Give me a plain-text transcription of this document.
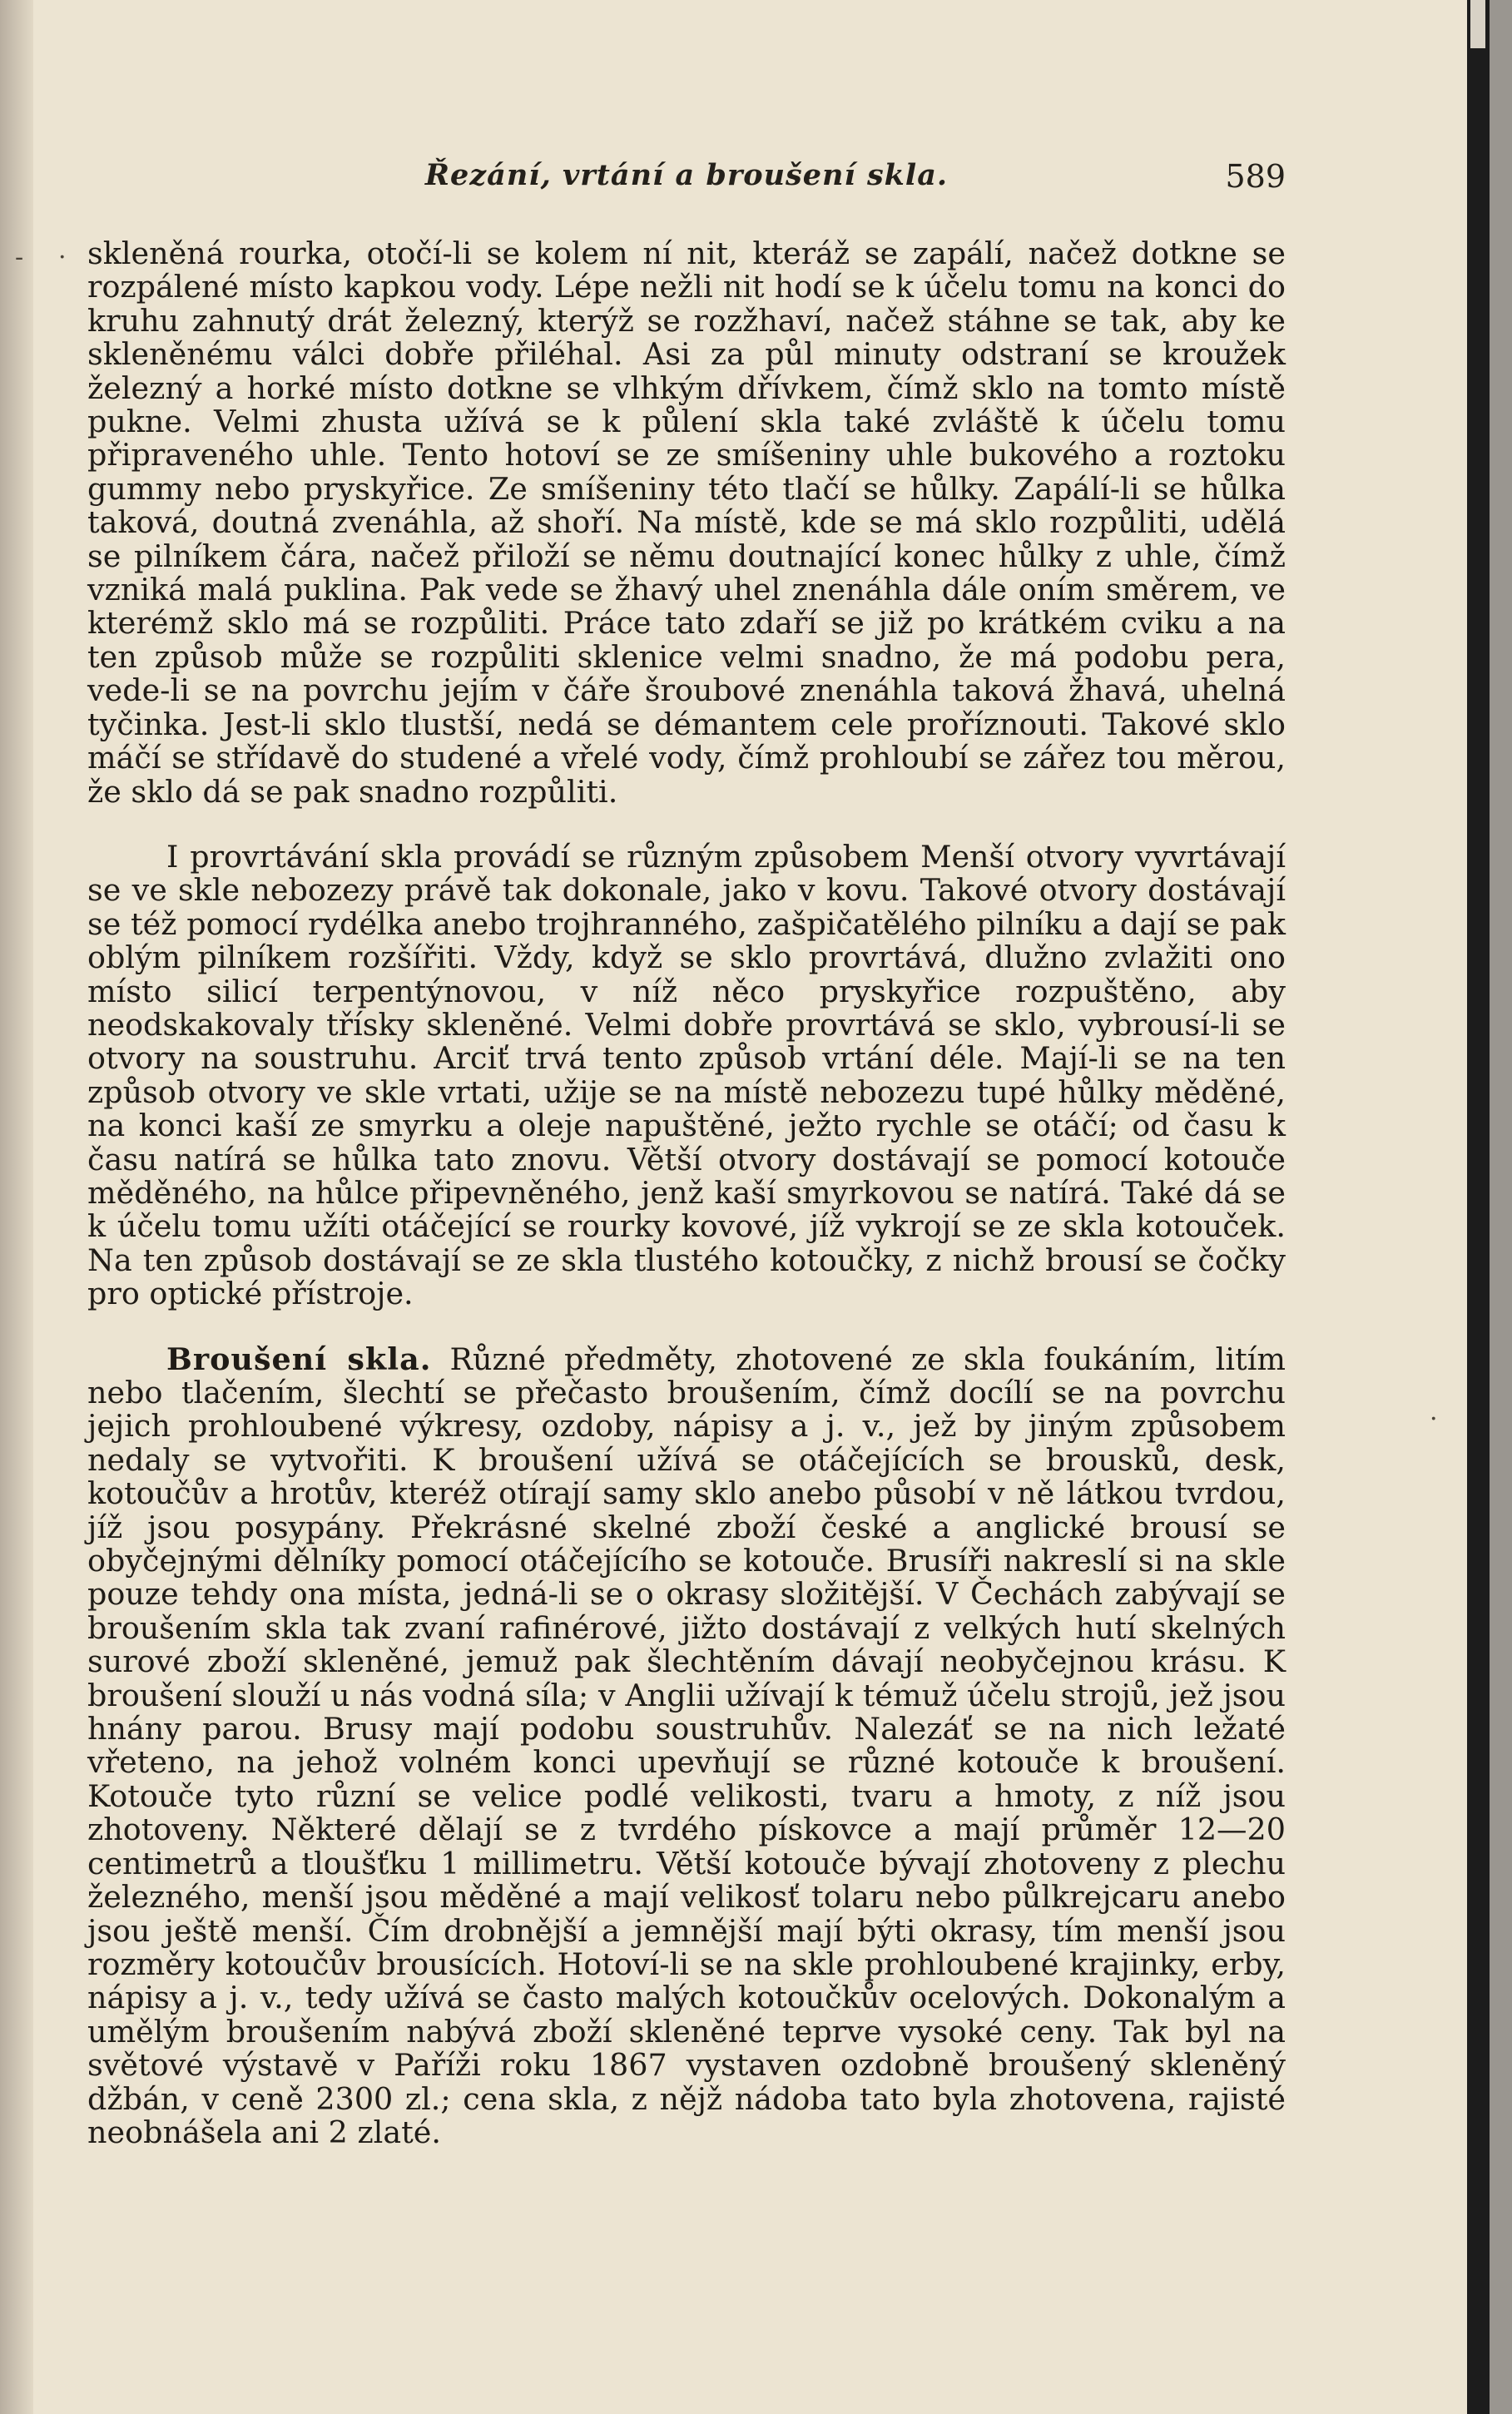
Řezání, vrtání a broušení skla.	589
- ·
·

skleněná rourka, otočí-li se kolem ní nit, kteráž se zapálí, načež dotkne se rozpálené místo kapkou vody. Lépe nežli nit hodí se k účelu tomu na konci do kruhu zahnutý drát železný, kterýž se rozžhaví, načež stáhne se tak, aby ke skleněnému válci dobře přiléhal. Asi za půl minuty odstraní se kroužek železný a horké místo dotkne se vlhkým dřívkem, čímž sklo na tomto místě pukne. Velmi zhusta užívá se k půlení skla také zvláště k účelu tomu připraveného uhle. Tento hotoví se ze smíšeniny uhle bukového a roztoku gummy nebo pryskyřice. Ze smíšeniny této tlačí se hůlky. Zapálí-li se hůlka taková, doutná zvenáhla, až shoří. Na místě, kde se má sklo rozpůliti, udělá se pilníkem čára, načež přiloží se němu doutnající konec hůlky z uhle, čímž vzniká malá puklina. Pak vede se žhavý uhel znenáhla dále oním směrem, ve kterémž sklo má se rozpůliti. Práce tato zdaří se již po krátkém cviku a na ten způsob může se rozpůliti sklenice velmi snadno, že má podobu pera, vede-li se na povrchu jejím v čáře šroubové znenáhla taková žhavá, uhelná tyčinka. Jest-li sklo tlustší, nedá se démantem cele proříznouti. Takové sklo máčí se střídavě do studené a vřelé vody, čímž prohloubí se zářez tou měrou, že sklo dá se pak snadno rozpůliti.

I provrtávání skla provádí se různým způsobem Menší otvory vyvrtávají se ve skle nebozezy právě tak dokonale, jako v kovu. Takové otvory dostávají se též pomocí rydélka anebo trojhranného, zašpičatělého pilníku a dají se pak oblým pilníkem rozšířiti. Vždy, když se sklo provrtává, dlužno zvlažiti ono místo silicí terpentýnovou, v níž něco pryskyřice rozpuštěno, aby neodskakovaly třísky skleněné. Velmi dobře provrtává se sklo, vybrousí-li se otvory na soustruhu. Arciť trvá tento způsob vrtání déle. Mají-li se na ten způsob otvory ve skle vrtati, užije se na místě nebozezu tupé hůlky měděné, na konci kaší ze smyrku a oleje napuštěné, ježto rychle se otáčí; od času k času natírá se hůlka tato znovu. Větší otvory dostávají se pomocí kotouče měděného, na hůlce připevněného, jenž kaší smyrkovou se natírá. Také dá se k účelu tomu užíti otáčející se rourky kovové, jíž vykrojí se ze skla kotouček. Na ten způsob dostávají se ze skla tlustého kotoučky, z nichž brousí se čočky pro optické přístroje.

Broušení skla. Různé předměty, zhotovené ze skla foukáním, litím nebo tlačením, šlechtí se přečasto broušením, čímž docílí se na povrchu jejich prohloubené výkresy, ozdoby, nápisy a j. v., jež by jiným způsobem nedaly se vytvořiti. K broušení užívá se otáčejících se brousků, desk, kotoučův a hrotův, kteréž otírají samy sklo anebo působí v ně látkou tvrdou, jíž jsou posypány. Překrásné skelné zboží české a anglické brousí se obyčejnými dělníky pomocí otáčejícího se kotouče. Brusíři nakreslí si na skle pouze tehdy ona místa, jedná-li se o okrasy složitější. V Čechách zabývají se broušením skla tak zvaní rafinérové, jižto dostávají z velkých hutí skelných surové zboží skleněné, jemuž pak šlechtěním dávají neobyčejnou krásu. K broušení slouží u nás vodná síla; v Anglii užívají k témuž účelu strojů, jež jsou hnány parou. Brusy mají podobu soustruhův. Nalezáť se na nich ležaté vřeteno, na jehož volném konci upevňují se různé kotouče k broušení. Kotouče tyto různí se velice podlé velikosti, tvaru a hmoty, z níž jsou zhotoveny. Některé dělají se z tvrdého pískovce a mají průměr 12—20 centimetrů a tloušťku 1 millimetru. Větší kotouče bývají zhotoveny z plechu železného, menší jsou měděné a mají velikosť tolaru nebo půlkrejcaru anebo jsou ještě menší. Čím drobnější a jemnější mají býti okrasy, tím menší jsou rozměry kotoučův brousících. Hotoví-li se na skle prohloubené krajinky, erby, nápisy a j. v., tedy užívá se často malých kotoučkův ocelových. Dokonalým a umělým broušením nabývá zboží skleněné teprve vysoké ceny. Tak byl na světové výstavě v Paříži roku 1867 vystaven ozdobně broušený skleněný džbán, v ceně 2300 zl.; cena skla, z nějž nádoba tato byla zhotovena, rajisté neobnášela ani 2 zlaté.
